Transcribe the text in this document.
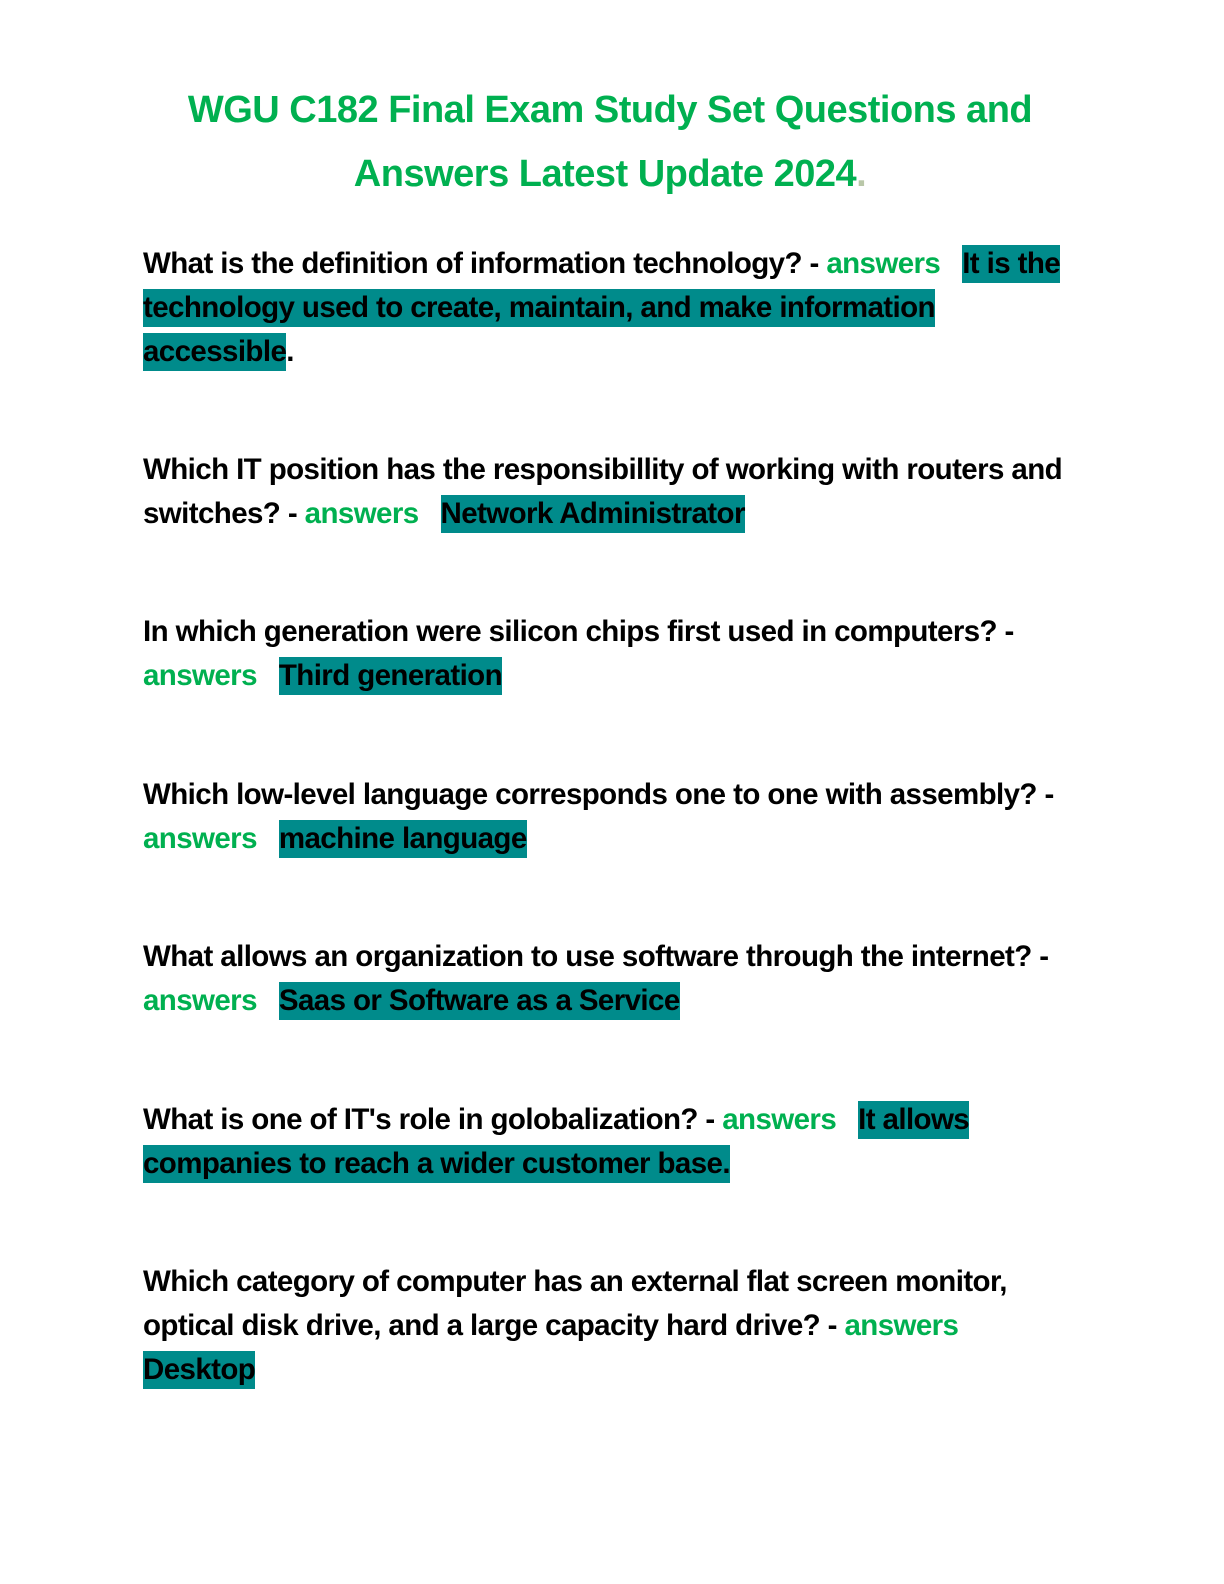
WGU C182 Final Exam Study Set Questions and
Answers Latest Update 2024.
What is the definition of information technology? - answers It is the technology used to create, maintain, and make information accessible.
Which IT position has the responsibillity of working with routers and switches? - answers Network Administrator
In which generation were silicon chips first used in computers? - answers Third generation
Which low-level language corresponds one to one with assembly? - answers machine language
What allows an organization to use software through the internet? - answers Saas or Software as a Service
What is one of IT's role in golobalization? - answers It allows companies to reach a wider customer base.
Which category of computer has an external flat screen monitor, optical disk drive, and a large capacity hard drive? - answersDesktop
